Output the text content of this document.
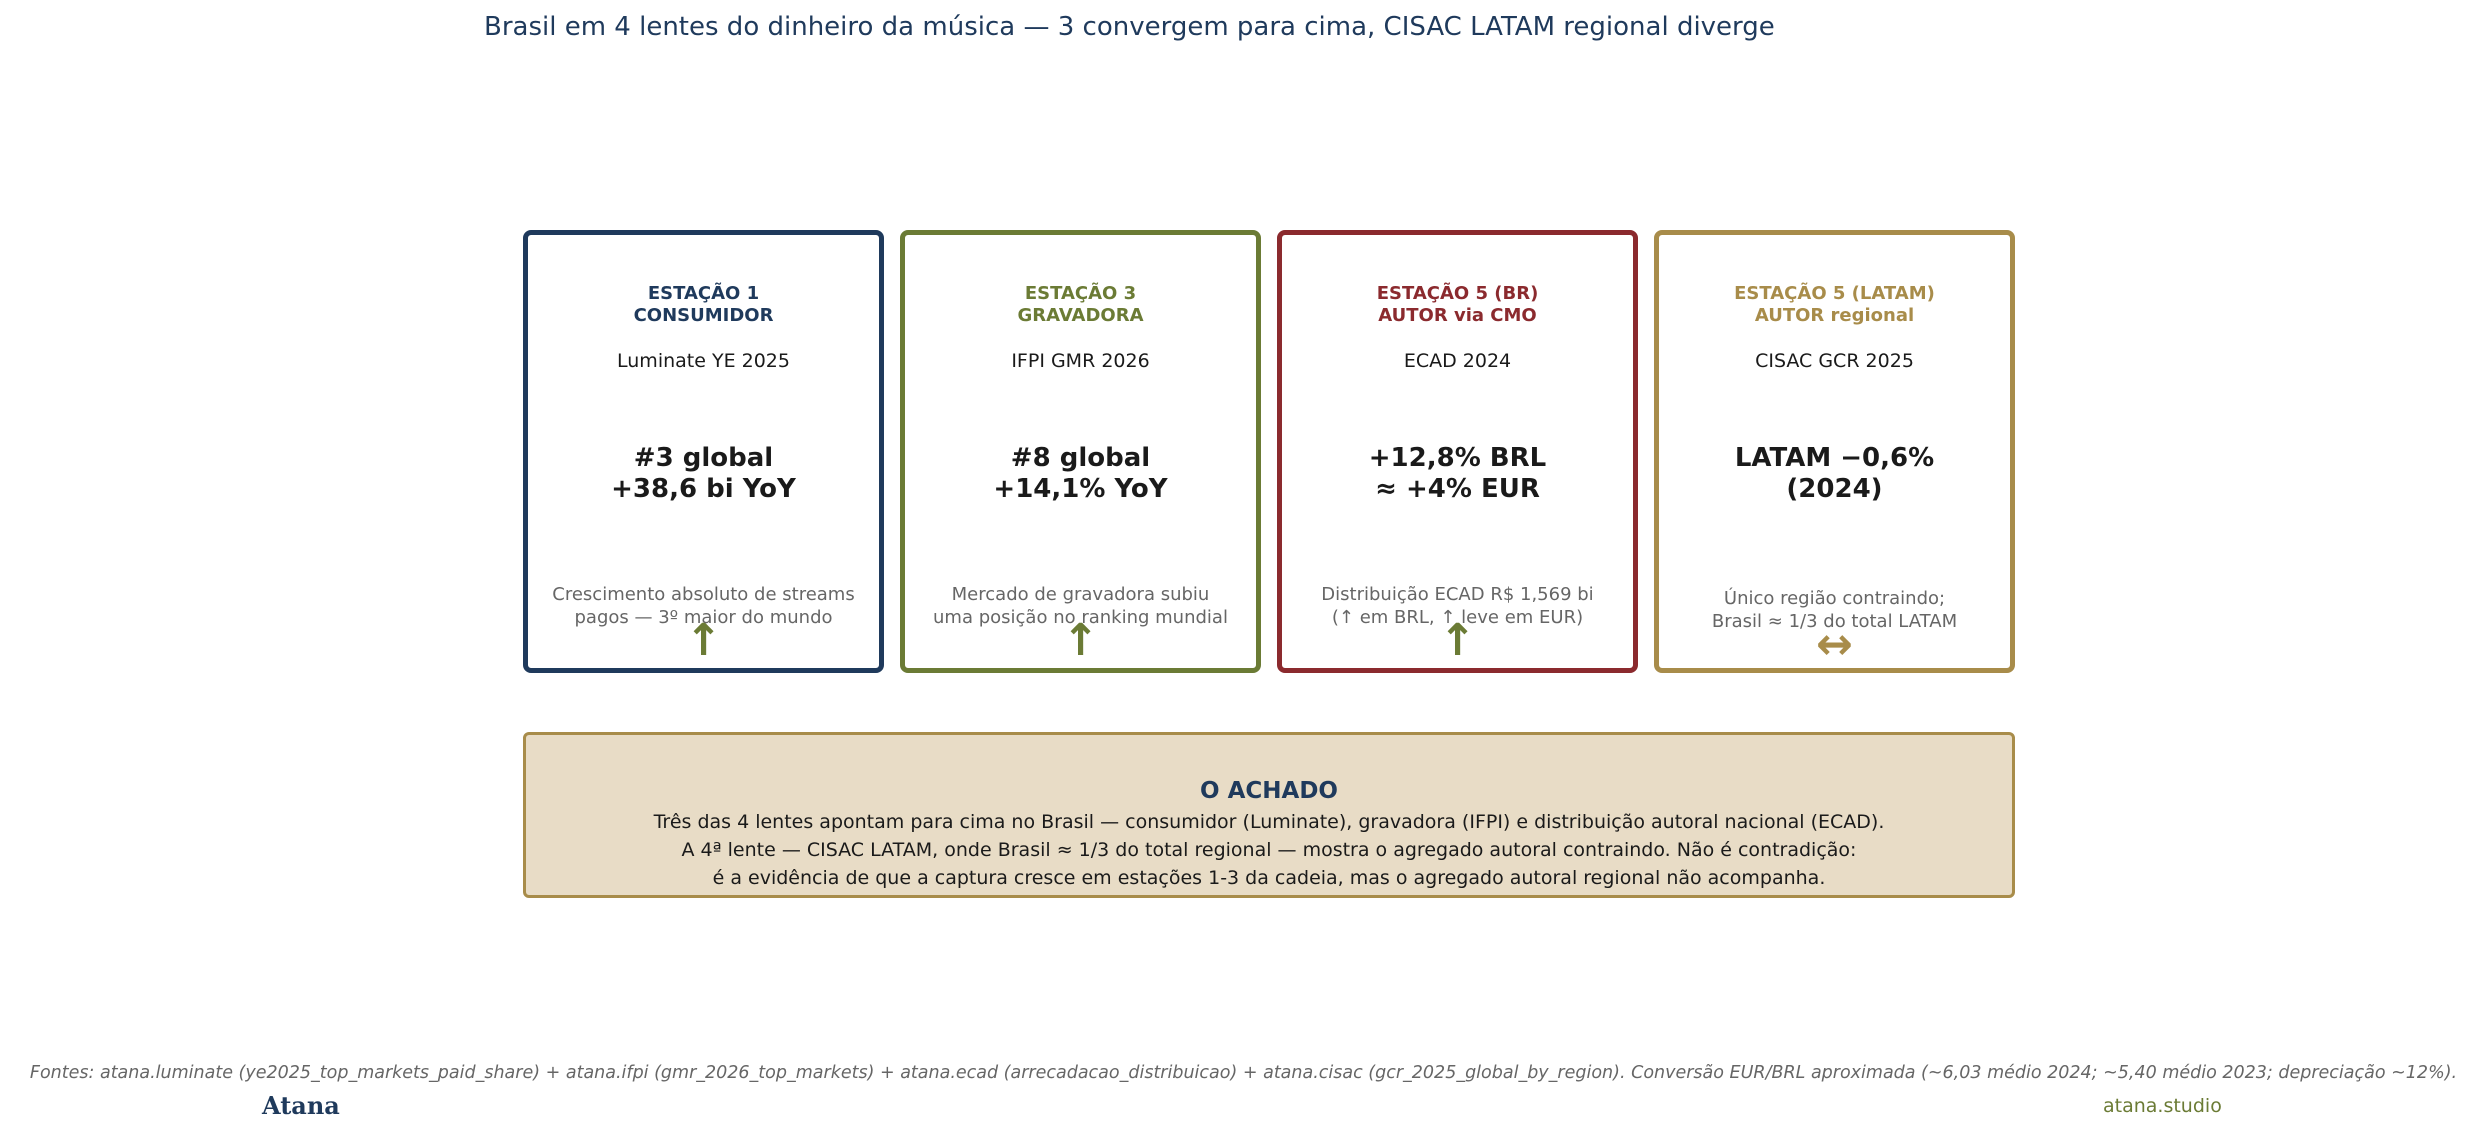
Brasil em 4 lentes do dinheiro da música — 3 convergem para cima, CISAC LATAM regional diverge
ESTAÇÃO 1
CONSUMIDOR
Luminate YE 2025
#3 global
+38,6 bi YoY
Crescimento absoluto de streams
pagos — 3º maior do mundo
↑
ESTAÇÃO 3
GRAVADORA
IFPI GMR 2026
#8 global
+14,1% YoY
Mercado de gravadora subiu
uma posição no ranking mundial
↑
ESTAÇÃO 5 (BR)
AUTOR via CMO
ECAD 2024
+12,8% BRL
≈ +4% EUR
Distribuição ECAD R$ 1,569 bi
(↑ em BRL, ↑ leve em EUR)
↑
ESTAÇÃO 5 (LATAM)
AUTOR regional
CISAC GCR 2025
LATAM −0,6%
(2024)
Único região contraindo;
Brasil ≈ 1/3 do total LATAM
↔
O ACHADO
Três das 4 lentes apontam para cima no Brasil — consumidor (Luminate), gravadora (IFPI) e distribuição autoral nacional (ECAD).
A 4ª lente — CISAC LATAM, onde Brasil ≈ 1/3 do total regional — mostra o agregado autoral contraindo. Não é contradição:
é a evidência de que a captura cresce em estações 1-3 da cadeia, mas o agregado autoral regional não acompanha.
Fontes: atana.luminate (ye2025_top_markets_paid_share) + atana.ifpi (gmr_2026_top_markets) + atana.ecad (arrecadacao_distribuicao) + atana.cisac (gcr_2025_global_by_region). Conversão EUR/BRL aproximada (~6,03 médio 2024; ~5,40 médio 2023; depreciação ~12%).
Atana	atana.studio
